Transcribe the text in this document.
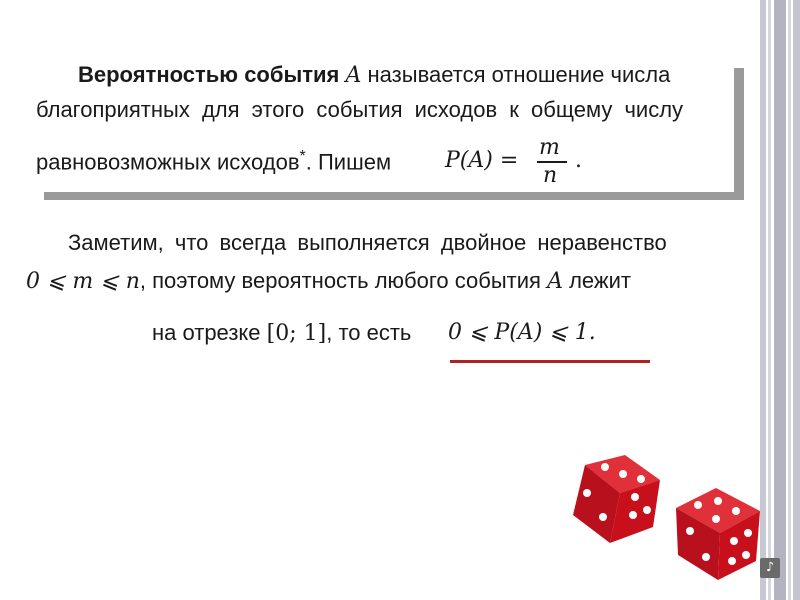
Вероятностью события A называется отношение числа
благоприятных для этого события исходов к общему числу
равновозможных исходов*. Пишем P(A) =
m
n
.
Заметим, что всегда выполняется двойное неравенство
0 ⩽ m ⩽ n, поэтому вероятность любого события A лежит
на отрезке [0; 1], то есть 0 ⩽ P(A) ⩽ 1.
♪
